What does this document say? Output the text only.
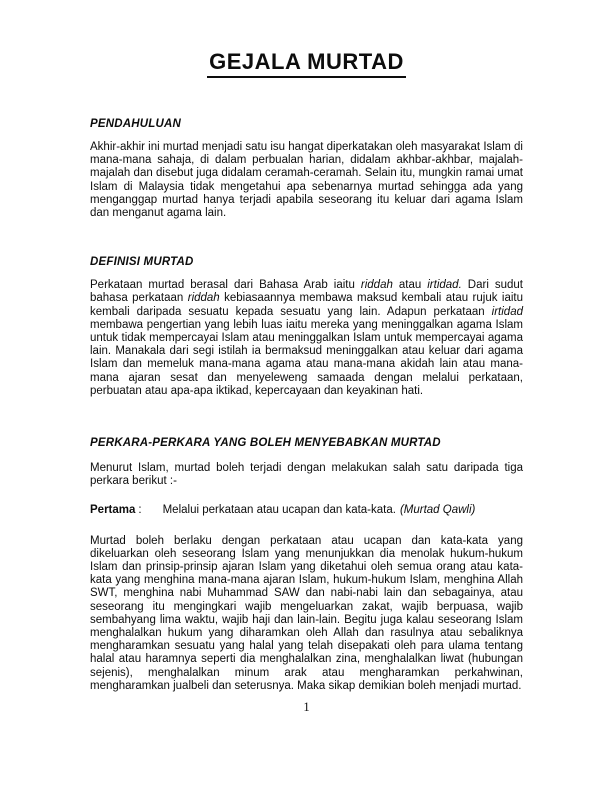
GEJALA MURTAD
PENDAHULUAN

Akhir-akhir ini murtad menjadi satu isu hangat diperkatakan oleh masyarakat Islam di mana-mana sahaja, di dalam perbualan harian, didalam akhbar-akhbar, majalah-majalah dan disebut juga didalam ceramah-ceramah. Selain itu, mungkin ramai umat Islam di Malaysia tidak mengetahui apa sebenarnya murtad sehingga ada yang menganggap murtad hanya terjadi apabila seseorang itu keluar dari agama Islam dan menganut agama lain.

DEFINISI MURTAD

Perkataan murtad berasal dari Bahasa Arab iaitu riddah atau irtidad. Dari sudut bahasa perkataan riddah kebiasaannya membawa maksud kembali atau rujuk iaitu kembali daripada sesuatu kepada sesuatu yang lain. Adapun perkataan irtidad membawa pengertian yang lebih luas iaitu mereka yang meninggalkan agama Islam untuk tidak mempercayai Islam atau meninggalkan Islam untuk mempercayai agama lain. Manakala dari segi istilah ia bermaksud meninggalkan atau keluar dari agama Islam dan memeluk mana-mana agama atau mana-mana akidah lain atau mana-mana ajaran sesat dan menyeleweng samaada dengan melalui perkataan, perbuatan atau apa-apa iktikad, kepercayaan dan keyakinan hati.

PERKARA-PERKARA YANG BOLEH MENYEBABKAN MURTAD

Menurut Islam, murtad boleh terjadi dengan melakukan salah satu daripada tiga perkara berikut :-

Pertama : Melalui perkataan atau ucapan dan kata-kata. (Murtad Qawli)

Murtad boleh berlaku dengan perkataan atau ucapan dan kata-kata yang dikeluarkan oleh seseorang Islam yang menunjukkan dia menolak hukum-hukum Islam dan prinsip-prinsip ajaran Islam yang diketahui oleh semua orang atau kata-kata yang menghina mana-mana ajaran Islam, hukum-hukum Islam, menghina Allah SWT, menghina nabi Muhammad SAW dan nabi-nabi lain dan sebagainya, atau seseorang itu mengingkari wajib mengeluarkan zakat, wajib berpuasa, wajib sembahyang lima waktu, wajib haji dan lain-lain. Begitu juga kalau seseorang Islam menghalalkan hukum yang diharamkan oleh Allah dan rasulnya atau sebaliknya mengharamkan sesuatu yang halal yang telah disepakati oleh para ulama tentang halal atau haramnya seperti dia menghalalkan zina, menghalalkan liwat (hubungan sejenis), menghalalkan minum arak atau mengharamkan perkahwinan, mengharamkan jualbeli dan seterusnya. Maka sikap demikian boleh menjadi murtad.

1
